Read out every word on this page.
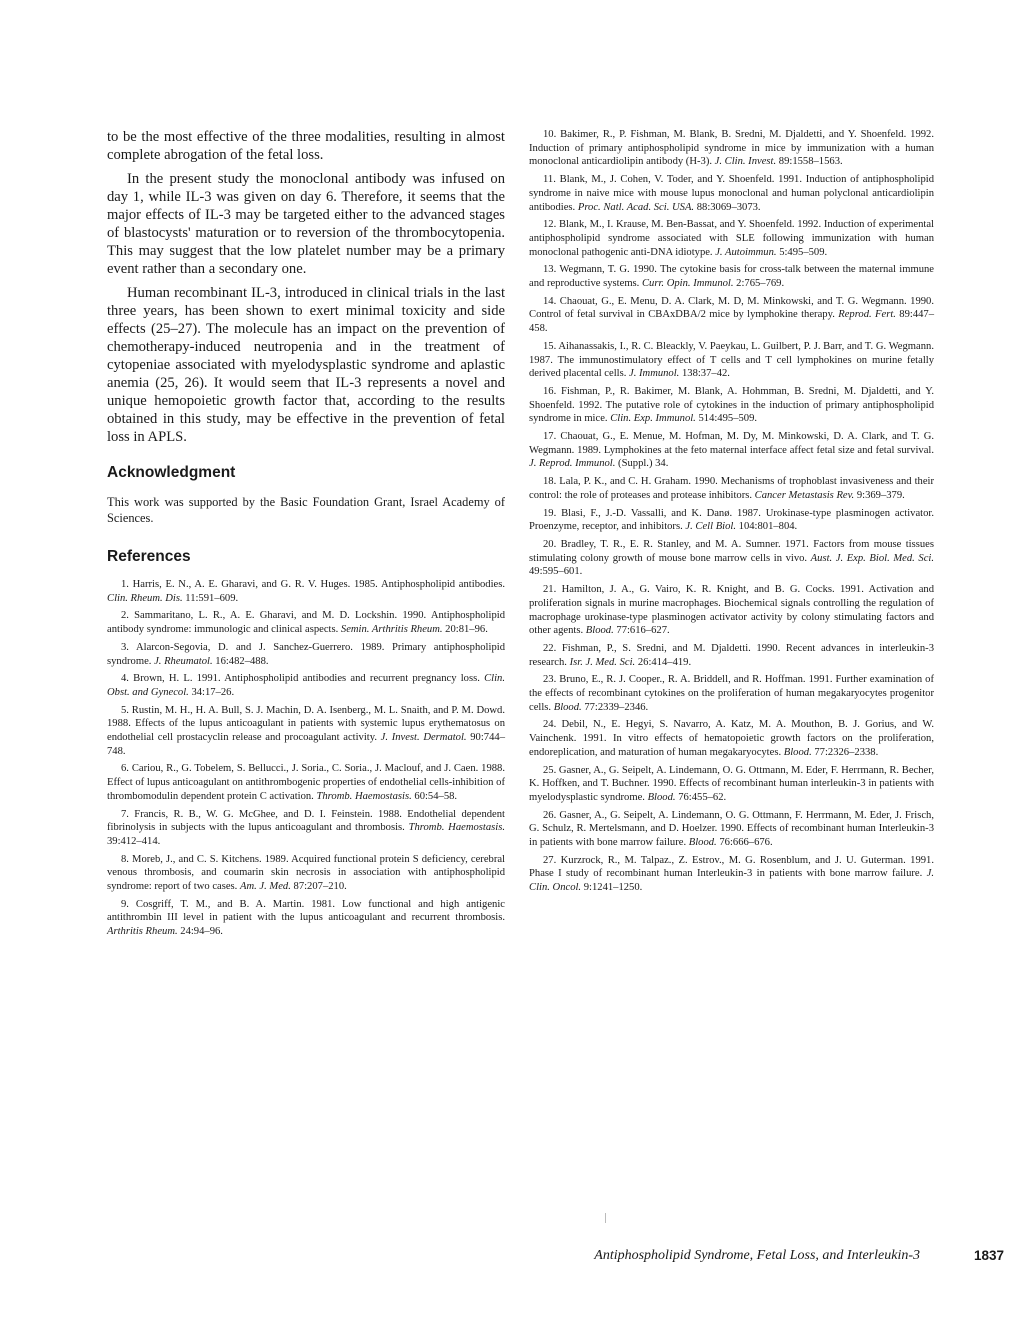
to be the most effective of the three modalities, resulting in almost complete abrogation of the fetal loss.

In the present study the monoclonal antibody was infused on day 1, while IL-3 was given on day 6. Therefore, it seems that the major effects of IL-3 may be targeted either to the advanced stages of blastocysts' maturation or to reversion of the thrombocytopenia. This may suggest that the low platelet number may be a primary event rather than a secondary one.

Human recombinant IL-3, introduced in clinical trials in the last three years, has been shown to exert minimal toxicity and side effects (25–27). The molecule has an impact on the prevention of chemotherapy-induced neutropenia and in the treatment of cytopeniae associated with myelodysplastic syndrome and aplastic anemia (25, 26). It would seem that IL-3 represents a novel and unique hemopoietic growth factor that, according to the results obtained in this study, may be effective in the prevention of fetal loss in APLS.

Acknowledgment

This work was supported by the Basic Foundation Grant, Israel Academy of Sciences.

References

1. Harris, E. N., A. E. Gharavi, and G. R. V. Huges. 1985. Antiphospholipid antibodies. Clin. Rheum. Dis. 11:591–609.

2. Sammaritano, L. R., A. E. Gharavi, and M. D. Lockshin. 1990. Antiphospholipid antibody syndrome: immunologic and clinical aspects. Semin. Arthritis Rheum. 20:81–96.

3. Alarcon-Segovia, D. and J. Sanchez-Guerrero. 1989. Primary antiphospholipid syndrome. J. Rheumatol. 16:482–488.

4. Brown, H. L. 1991. Antiphospholipid antibodies and recurrent pregnancy loss. Clin. Obst. and Gynecol. 34:17–26.

5. Rustin, M. H., H. A. Bull, S. J. Machin, D. A. Isenberg., M. L. Snaith, and P. M. Dowd. 1988. Effects of the lupus anticoagulant in patients with systemic lupus erythematosus on endothelial cell prostacyclin release and procoagulant activity. J. Invest. Dermatol. 90:744–748.

6. Cariou, R., G. Tobelem, S. Bellucci., J. Soria., C. Soria., J. Maclouf, and J. Caen. 1988. Effect of lupus anticoagulant on antithrombogenic properties of endothelial cells-inhibition of thrombomodulin dependent protein C activation. Thromb. Haemostasis. 60:54–58.

7. Francis, R. B., W. G. McGhee, and D. I. Feinstein. 1988. Endothelial dependent fibrinolysis in subjects with the lupus anticoagulant and thrombosis. Thromb. Haemostasis. 39:412–414.

8. Moreb, J., and C. S. Kitchens. 1989. Acquired functional protein S deficiency, cerebral venous thrombosis, and coumarin skin necrosis in association with antiphospholipid syndrome: report of two cases. Am. J. Med. 87:207–210.

9. Cosgriff, T. M., and B. A. Martin. 1981. Low functional and high antigenic antithrombin III level in patient with the lupus anticoagulant and recurrent thrombosis. Arthritis Rheum. 24:94–96.

10. Bakimer, R., P. Fishman, M. Blank, B. Sredni, M. Djaldetti, and Y. Shoenfeld. 1992. Induction of primary antiphospholipid syndrome in mice by immunization with a human monoclonal anticardiolipin antibody (H-3). J. Clin. Invest. 89:1558–1563.

11. Blank, M., J. Cohen, V. Toder, and Y. Shoenfeld. 1991. Induction of antiphospholipid syndrome in naive mice with mouse lupus monoclonal and human polyclonal anticardiolipin antibodies. Proc. Natl. Acad. Sci. USA. 88:3069–3073.

12. Blank, M., I. Krause, M. Ben-Bassat, and Y. Shoenfeld. 1992. Induction of experimental antiphospholipid syndrome associated with SLE following immunization with human monoclonal pathogenic anti-DNA idiotype. J. Autoimmun. 5:495–509.

13. Wegmann, T. G. 1990. The cytokine basis for cross-talk between the maternal immune and reproductive systems. Curr. Opin. Immunol. 2:765–769.

14. Chaouat, G., E. Menu, D. A. Clark, M. D, M. Minkowski, and T. G. Wegmann. 1990. Control of fetal survival in CBAxDBA/2 mice by lymphokine therapy. Reprod. Fert. 89:447–458.

15. Aihanassakis, I., R. C. Bleackly, V. Paeykau, L. Guilbert, P. J. Barr, and T. G. Wegmann. 1987. The immunostimulatory effect of T cells and T cell lymphokines on murine fetally derived placental cells. J. Immunol. 138:37–42.

16. Fishman, P., R. Bakimer, M. Blank, A. Hohmman, B. Sredni, M. Djaldetti, and Y. Shoenfeld. 1992. The putative role of cytokines in the induction of primary antiphospholipid syndrome in mice. Clin. Exp. Immunol. 514:495–509.

17. Chaouat, G., E. Menue, M. Hofman, M. Dy, M. Minkowski, D. A. Clark, and T. G. Wegmann. 1989. Lymphokines at the feto maternal interface affect fetal size and fetal survival. J. Reprod. Immunol. (Suppl.) 34.

18. Lala, P. K., and C. H. Graham. 1990. Mechanisms of trophoblast invasiveness and their control: the role of proteases and protease inhibitors. Cancer Metastasis Rev. 9:369–379.

19. Blasi, F., J.-D. Vassalli, and K. Danø. 1987. Urokinase-type plasminogen activator. Proenzyme, receptor, and inhibitors. J. Cell Biol. 104:801–804.

20. Bradley, T. R., E. R. Stanley, and M. A. Sumner. 1971. Factors from mouse tissues stimulating colony growth of mouse bone marrow cells in vivo. Aust. J. Exp. Biol. Med. Sci. 49:595–601.

21. Hamilton, J. A., G. Vairo, K. R. Knight, and B. G. Cocks. 1991. Activation and proliferation signals in murine macrophages. Biochemical signals controlling the regulation of macrophage urokinase-type plasminogen activator activity by colony stimulating factors and other agents. Blood. 77:616–627.

22. Fishman, P., S. Sredni, and M. Djaldetti. 1990. Recent advances in interleukin-3 research. Isr. J. Med. Sci. 26:414–419.

23. Bruno, E., R. J. Cooper., R. A. Briddell, and R. Hoffman. 1991. Further examination of the effects of recombinant cytokines on the proliferation of human megakaryocytes progenitor cells. Blood. 77:2339–2346.

24. Debil, N., E. Hegyi, S. Navarro, A. Katz, M. A. Mouthon, B. J. Gorius, and W. Vainchenk. 1991. In vitro effects of hematopoietic growth factors on the proliferation, endoreplication, and maturation of human megakaryocytes. Blood. 77:2326–2338.

25. Gasner, A., G. Seipelt, A. Lindemann, O. G. Ottmann, M. Eder, F. Herrmann, R. Becher, K. Hoffken, and T. Buchner. 1990. Effects of recombinant human interleukin-3 in patients with myelodysplastic syndrome. Blood. 76:455–62.

26. Gasner, A., G. Seipelt, A. Lindemann, O. G. Ottmann, F. Herrmann, M. Eder, J. Frisch, G. Schulz, R. Mertelsmann, and D. Hoelzer. 1990. Effects of recombinant human Interleukin-3 in patients with bone marrow failure. Blood. 76:666–676.

27. Kurzrock, R., M. Talpaz., Z. Estrov., M. G. Rosenblum, and J. U. Guterman. 1991. Phase I study of recombinant human Interleukin-3 in patients with bone marrow failure. J. Clin. Oncol. 9:1241–1250.

Antiphospholipid Syndrome, Fetal Loss, and Interleukin-3	1837
